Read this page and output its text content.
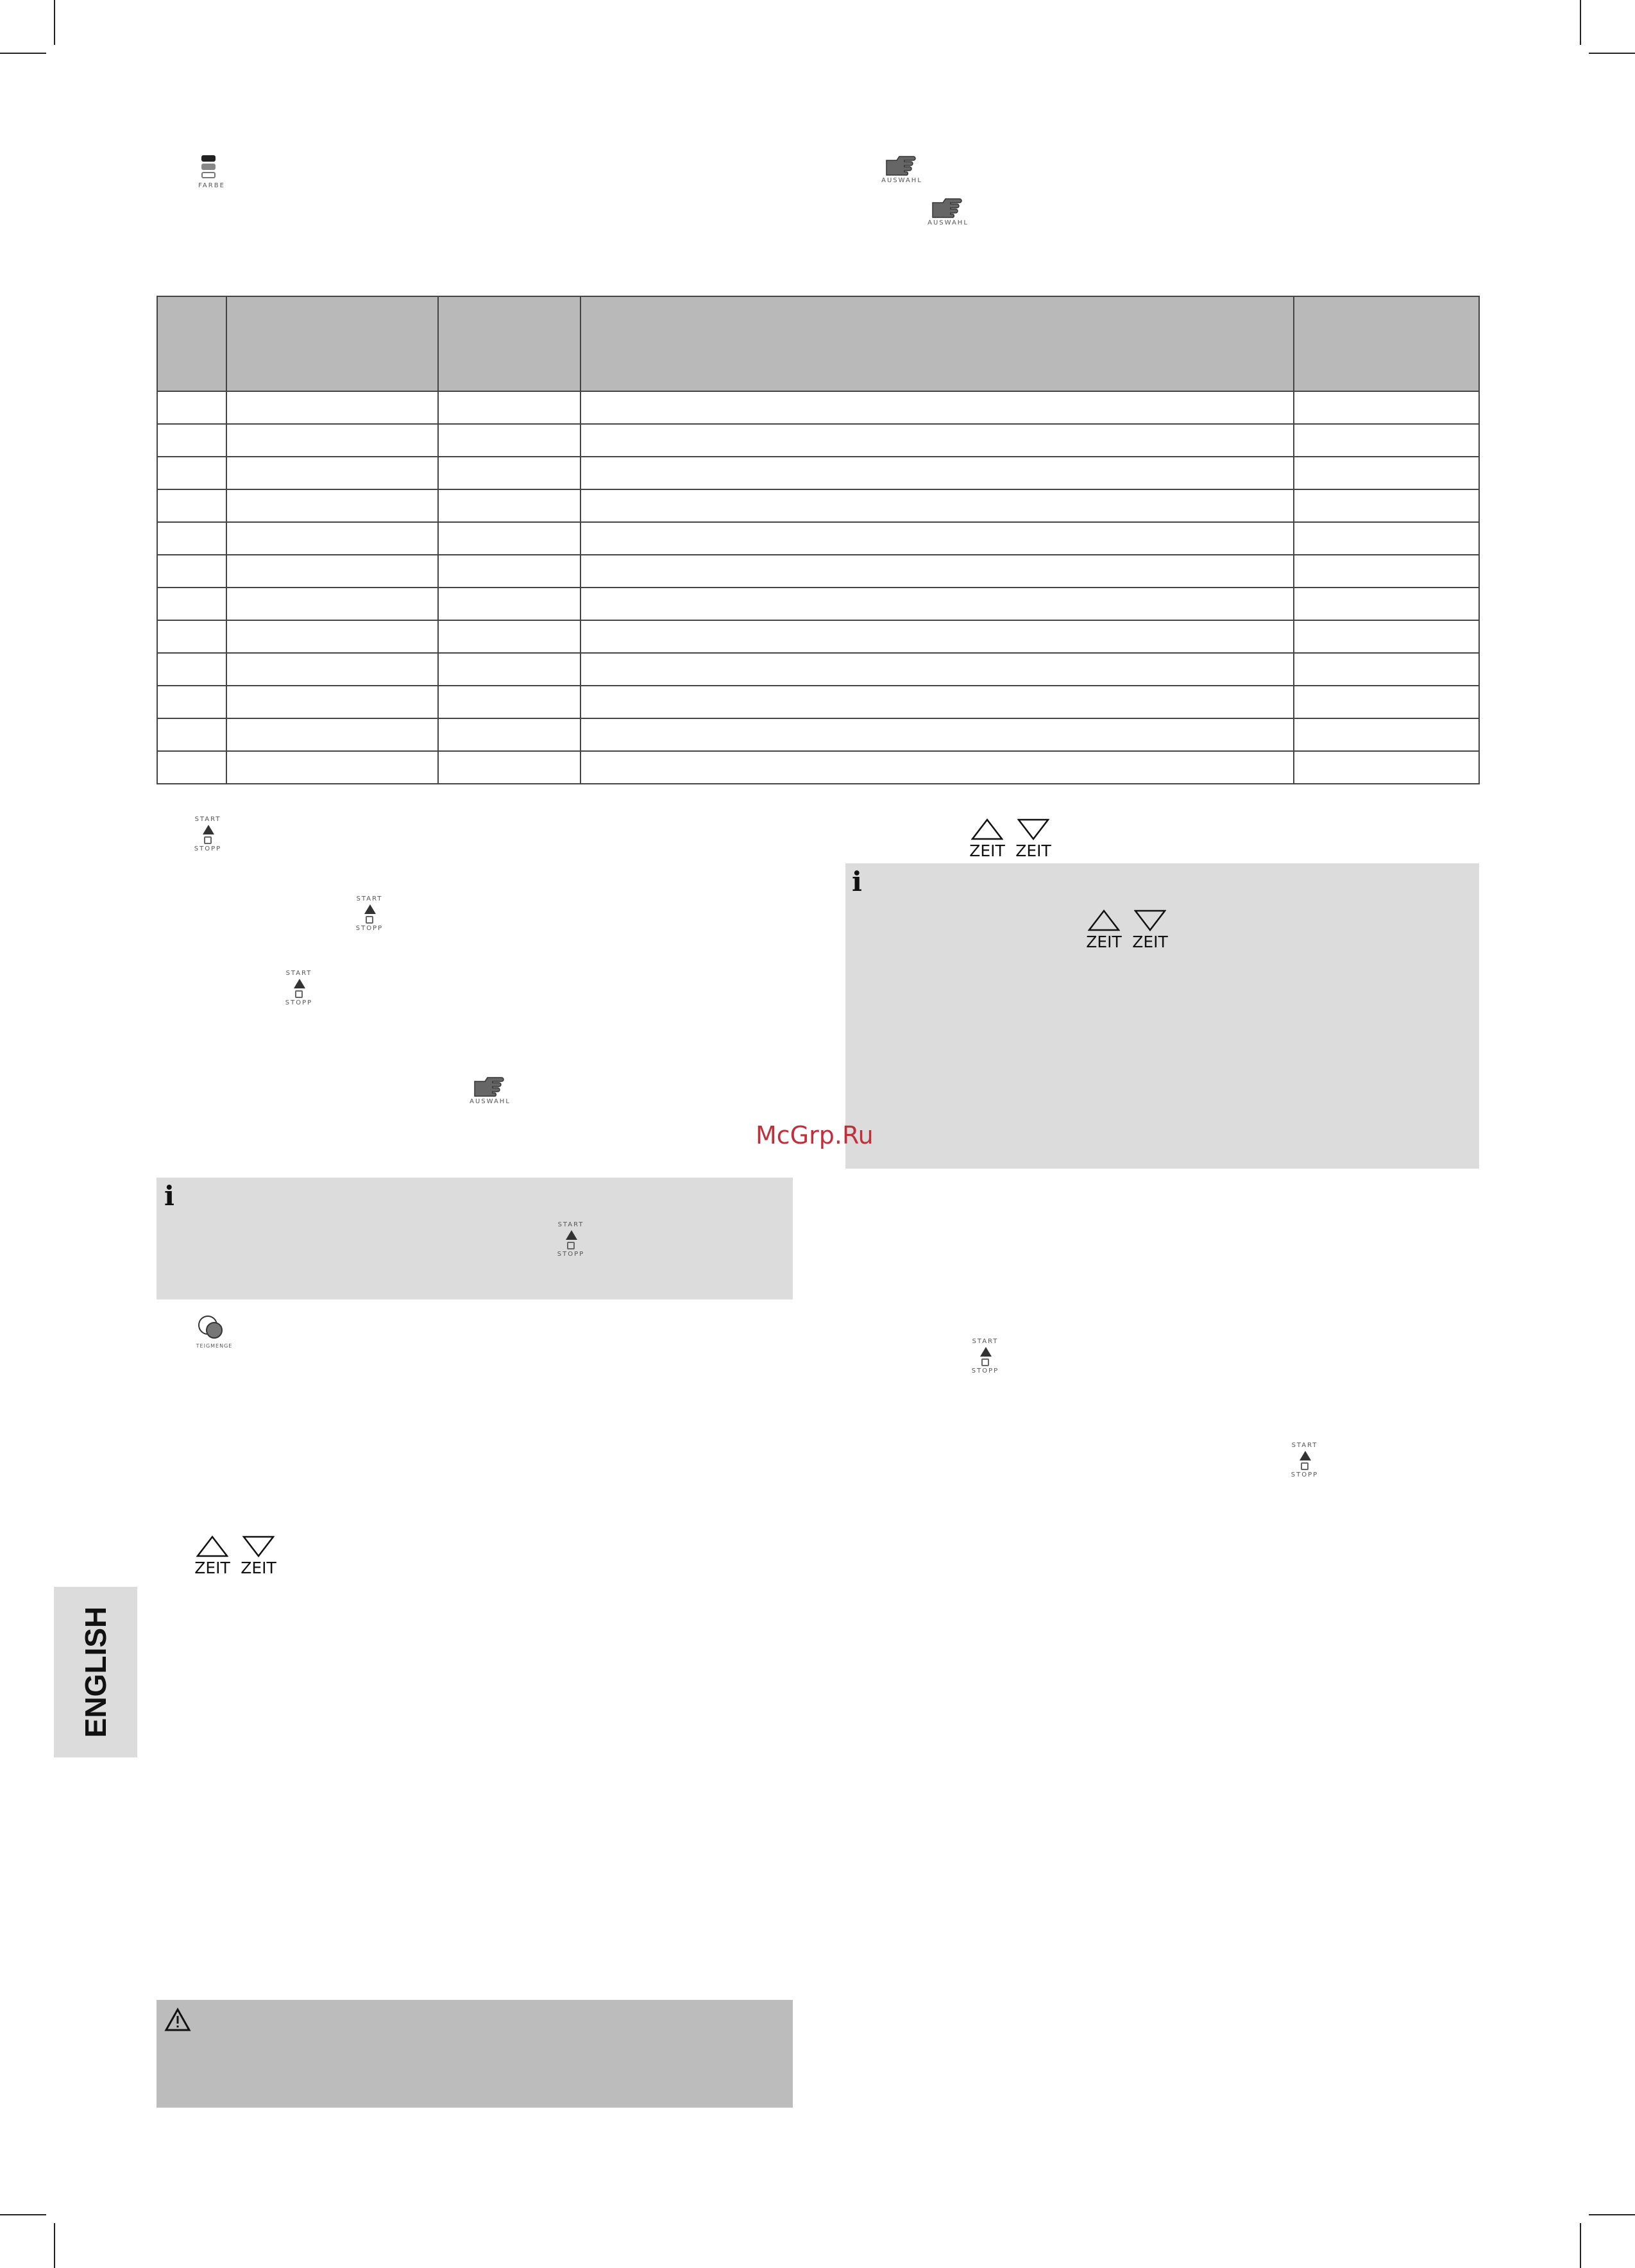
FARBE
AUSWAHL
AUSWAHL

START
STOPP
START
STOPP
START
STOPP
AUSWAHL
i
START
STOPP
TEIGMENGE
ZEIT ZEIT
ENGLISH
ZEIT ZEIT
i
ZEIT ZEIT
McGrp.Ru
START
STOPP
START
STOPP
